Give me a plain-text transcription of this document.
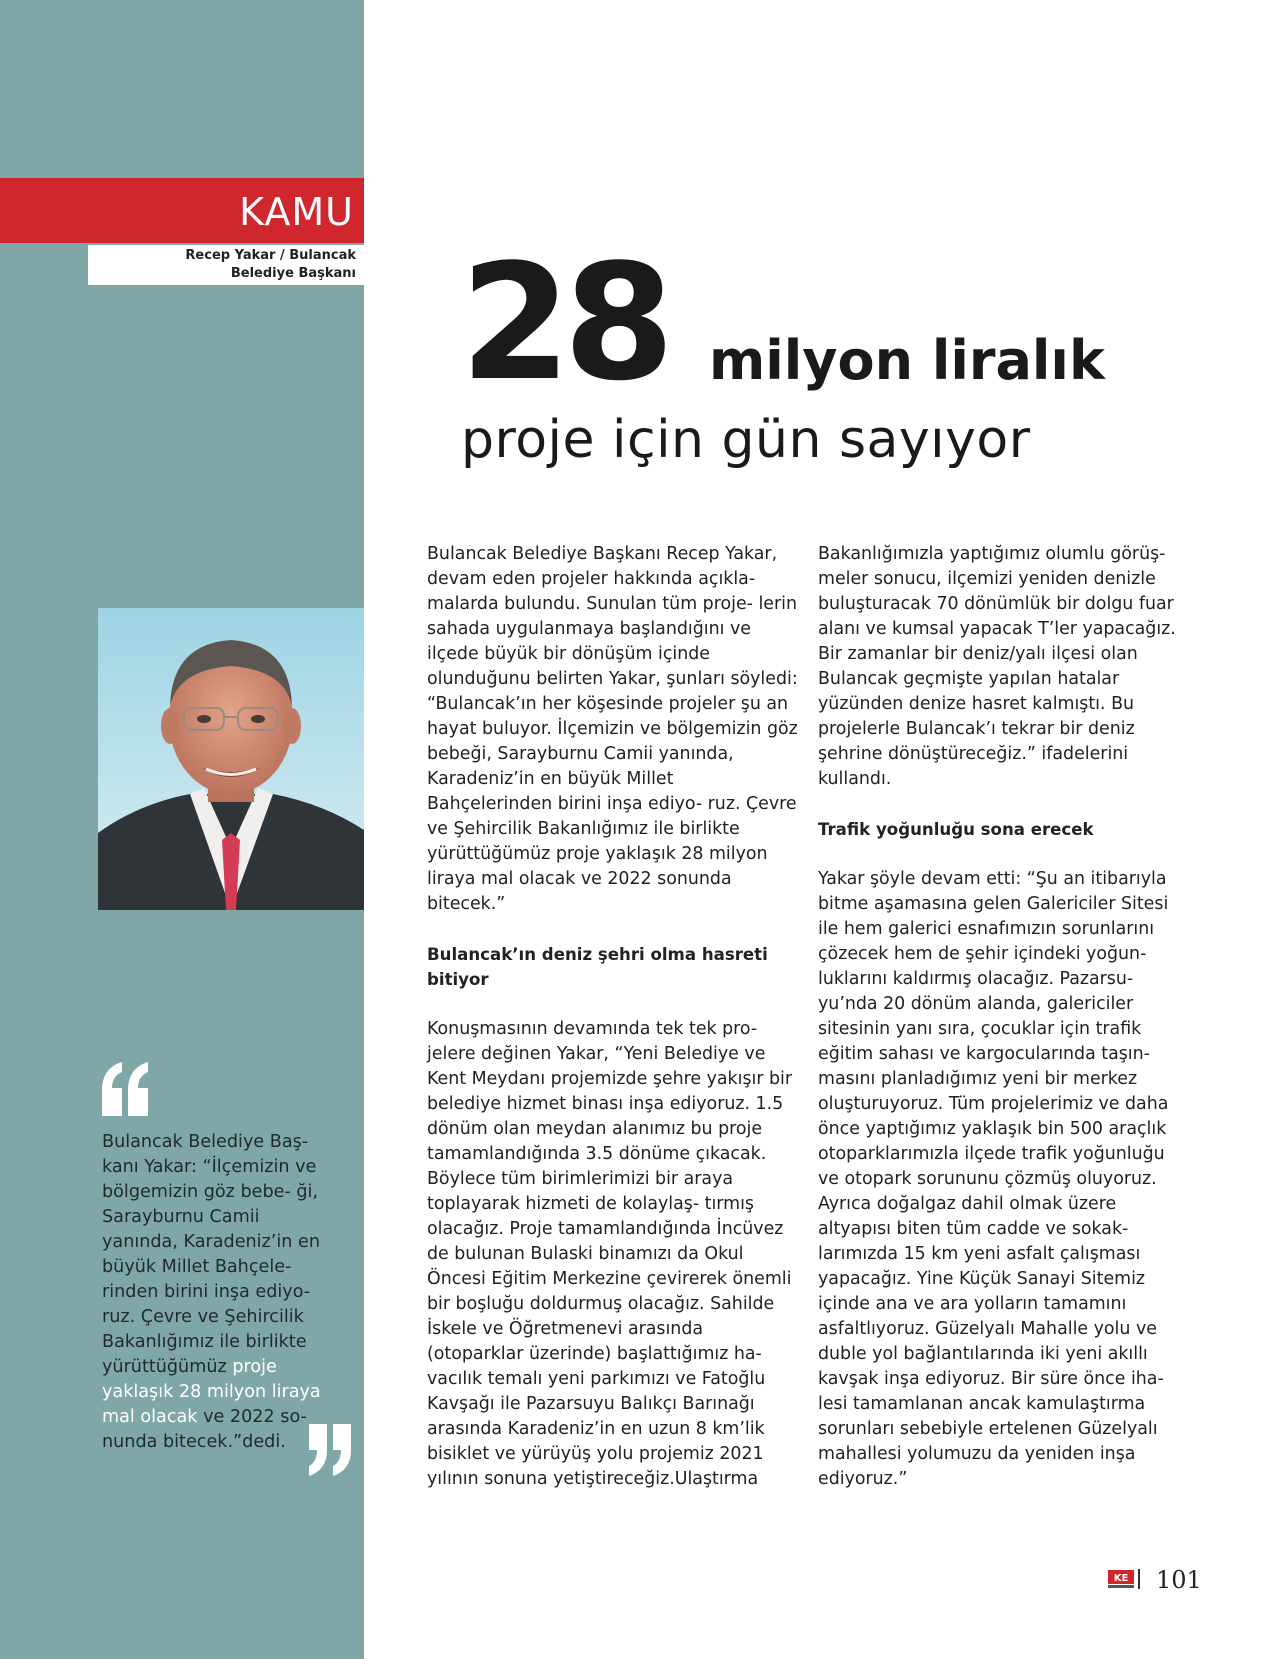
KAMU
Recep Yakar / Bulancak
Belediye Başkanı
Bulancak Belediye Baş- kanı Yakar: “İlçemizin ve bölgemizin göz bebe- ği, Sarayburnu Camii yanında, Karadeniz’in en büyük Millet Bahçele- rinden birini inşa ediyo- ruz. Çevre ve Şehircilik Bakanlığımız ile birlikte yürüttüğümüz proje yaklaşık 28 milyon liraya mal olacak ve 2022 so- nunda bitecek.”dedi.
28 milyon liralık
proje için gün sayıyor

Bulancak Belediye Başkanı Recep Yakar, devam eden projeler hakkında açıkla- malarda bulundu. Sunulan tüm proje- lerin sahada uygulanmaya başlandığını ve ilçede büyük bir dönüşüm içinde olunduğunu belirten Yakar, şunları söyledi: “Bulancak’ın her köşesinde projeler şu an hayat buluyor. İlçemizin ve bölgemizin göz bebeği, Sarayburnu Camii yanında, Karadeniz’in en büyük Millet Bahçelerinden birini inşa ediyo- ruz. Çevre ve Şehircilik Bakanlığımız ile birlikte yürüttüğümüz proje yaklaşık 28 milyon liraya mal olacak ve 2022 sonunda bitecek.”

Bulancak’ın deniz şehri olma hasreti bitiyor

Konuşmasının devamında tek tek pro- jelere değinen Yakar, “Yeni Belediye ve Kent Meydanı projemizde şehre yakışır bir belediye hizmet binası inşa ediyoruz. 1.5 dönüm olan meydan alanımız bu proje tamamlandığında 3.5 dönüme çıkacak. Böylece tüm birimlerimizi bir araya toplayarak hizmeti de kolaylaş- tırmış olacağız. Proje tamamlandığında İncüvez de bulunan Bulaski binamızı da Okul Öncesi Eğitim Merkezine çevirerek önemli bir boşluğu doldurmuş olacağız. Sahilde İskele ve Öğretmenevi arasında (otoparklar üzerinde) başlattığımız ha- vacılık temalı yeni parkımızı ve Fatoğlu Kavşağı ile Pazarsuyu Balıkçı Barınağı arasında Karadeniz’in en uzun 8 km’lik bisiklet ve yürüyüş yolu projemiz 2021 yılının sonuna yetiştireceğiz.Ulaştırma

Bakanlığımızla yaptığımız olumlu görüş- meler sonucu, ilçemizi yeniden denizle buluşturacak 70 dönümlük bir dolgu fuar alanı ve kumsal yapacak T’ler yapacağız. Bir zamanlar bir deniz/yalı ilçesi olan Bulancak geçmişte yapılan hatalar yüzünden denize hasret kalmıştı. Bu projelerle Bulancak’ı tekrar bir deniz şehrine dönüştüreceğiz.” ifadelerini kullandı.

Trafik yoğunluğu sona erecek

Yakar şöyle devam etti: “Şu an itibarıyla bitme aşamasına gelen Galericiler Sitesi ile hem galerici esnafımızın sorunlarını çözecek hem de şehir içindeki yoğun- luklarını kaldırmış olacağız. Pazarsu- yu’nda 20 dönüm alanda, galericiler sitesinin yanı sıra, çocuklar için trafik eğitim sahası ve kargocularında taşın- masını planladığımız yeni bir merkez oluşturuyoruz. Tüm projelerimiz ve daha önce yaptığımız yaklaşık bin 500 araçlık otoparklarımızla ilçede trafik yoğunluğu ve otopark sorununu çözmüş oluyoruz. Ayrıca doğalgaz dahil olmak üzere altyapısı biten tüm cadde ve sokak- larımızda 15 km yeni asfalt çalışması yapacağız. Yine Küçük Sanayi Sitemiz içinde ana ve ara yolların tamamını asfaltlıyoruz. Güzelyalı Mahalle yolu ve duble yol bağlantılarında iki yeni akıllı kavşak inşa ediyoruz. Bir süre önce iha- lesi tamamlanan ancak kamulaştırma sorunları sebebiyle ertelenen Güzelyalı mahallesi yolumuzu da yeniden inşa ediyoruz.”

KE 101
